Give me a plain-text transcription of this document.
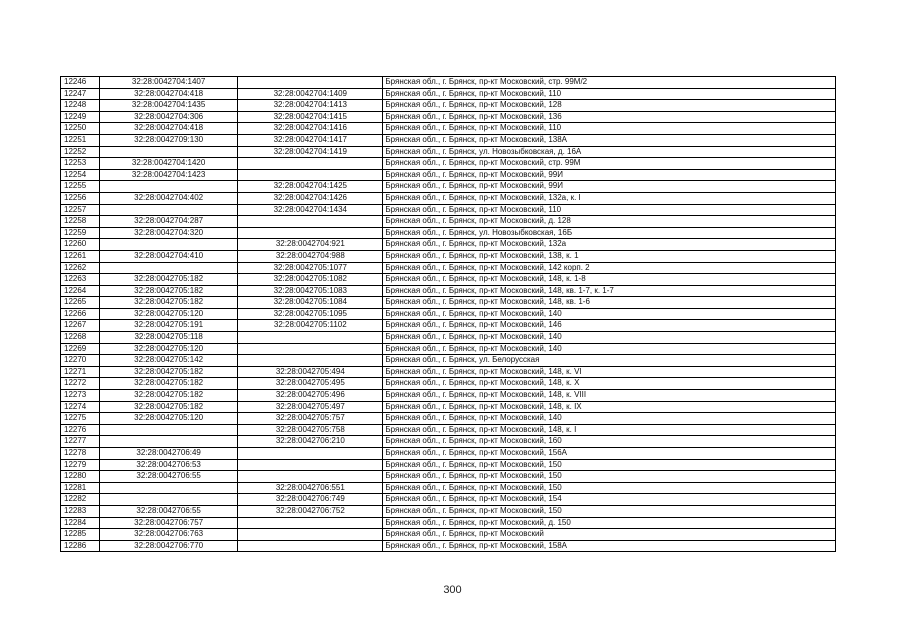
12246	32:28:0042704:1407		Брянская обл., г. Брянск, пр-кт Московский, стр. 99М/2
12247	32:28:0042704:418	32:28:0042704:1409	Брянская обл., г. Брянск, пр-кт Московский, 110
12248	32:28:0042704:1435	32:28:0042704:1413	Брянская обл., г. Брянск, пр-кт Московский, 128
12249	32:28:0042704:306	32:28:0042704:1415	Брянская обл., г. Брянск, пр-кт Московский, 136
12250	32:28:0042704:418	32:28:0042704:1416	Брянская обл., г. Брянск, пр-кт Московский, 110
12251	32:28:0042709:130	32:28:0042704:1417	Брянская обл., г. Брянск, пр-кт Московский, 138А
12252		32:28:0042704:1419	Брянская обл., г. Брянск, ул. Новозыбковская, д. 16А
12253	32:28:0042704:1420		Брянская обл., г. Брянск, пр-кт Московский, стр. 99М
12254	32:28:0042704:1423		Брянская обл., г. Брянск, пр-кт Московский, 99И
12255		32:28:0042704:1425	Брянская обл., г. Брянск, пр-кт Московский, 99И
12256	32:28:0042704:402	32:28:0042704:1426	Брянская обл., г. Брянск, пр-кт Московский, 132а, к. I
12257		32:28:0042704:1434	Брянская обл., г. Брянск, пр-кт Московский, 110
12258	32:28:0042704:287		Брянская обл., г. Брянск, пр-кт Московский, д. 128
12259	32:28:0042704:320		Брянская обл., г. Брянск, ул. Новозыбковская, 16Б
12260		32:28:0042704:921	Брянская обл., г. Брянск, пр-кт Московский, 132а
12261	32:28:0042704:410	32:28:0042704:988	Брянская обл., г. Брянск, пр-кт Московский, 138, к. 1
12262		32:28:0042705:1077	Брянская обл., г. Брянск, пр-кт Московский, 142 корп. 2
12263	32:28:0042705:182	32:28:0042705:1082	Брянская обл., г. Брянск, пр-кт Московский, 148, к. 1-8
12264	32:28:0042705:182	32:28:0042705:1083	Брянская обл., г. Брянск, пр-кт Московский, 148, кв. 1-7, к. 1-7
12265	32:28:0042705:182	32:28:0042705:1084	Брянская обл., г. Брянск, пр-кт Московский, 148, кв. 1-6
12266	32:28:0042705:120	32:28:0042705:1095	Брянская обл., г. Брянск, пр-кт Московский, 140
12267	32:28:0042705:191	32:28:0042705:1102	Брянская обл., г. Брянск, пр-кт Московский, 146
12268	32:28:0042705:118		Брянская обл., г. Брянск, пр-кт Московский, 140
12269	32:28:0042705:120		Брянская обл., г. Брянск, пр-кт Московский, 140
12270	32:28:0042705:142		Брянская обл., г. Брянск, ул. Белорусская
12271	32:28:0042705:182	32:28:0042705:494	Брянская обл., г. Брянск, пр-кт Московский, 148, к. VI
12272	32:28:0042705:182	32:28:0042705:495	Брянская обл., г. Брянск, пр-кт Московский, 148, к. X
12273	32:28:0042705:182	32:28:0042705:496	Брянская обл., г. Брянск, пр-кт Московский, 148, к. VIII
12274	32:28:0042705:182	32:28:0042705:497	Брянская обл., г. Брянск, пр-кт Московский, 148, к. IX
12275	32:28:0042705:120	32:28:0042705:757	Брянская обл., г. Брянск, пр-кт Московский, 140
12276		32:28:0042705:758	Брянская обл., г. Брянск, пр-кт Московский, 148, к. I
12277		32:28:0042706:210	Брянская обл., г. Брянск, пр-кт Московский, 160
12278	32:28:0042706:49		Брянская обл., г. Брянск, пр-кт Московский, 156А
12279	32:28:0042706:53		Брянская обл., г. Брянск, пр-кт Московский, 150
12280	32:28:0042706:55		Брянская обл., г. Брянск, пр-кт Московский, 150
12281		32:28:0042706:551	Брянская обл., г. Брянск, пр-кт Московский, 150
12282		32:28:0042706:749	Брянская обл., г. Брянск, пр-кт Московский, 154
12283	32:28:0042706:55	32:28:0042706:752	Брянская обл., г. Брянск, пр-кт Московский, 150
12284	32:28:0042706:757		Брянская обл., г. Брянск, пр-кт Московский, д. 150
12285	32:28:0042706:763		Брянская обл., г. Брянск, пр-кт Московский
12286	32:28:0042706:770		Брянская обл., г. Брянск, пр-кт Московский, 158А
300
